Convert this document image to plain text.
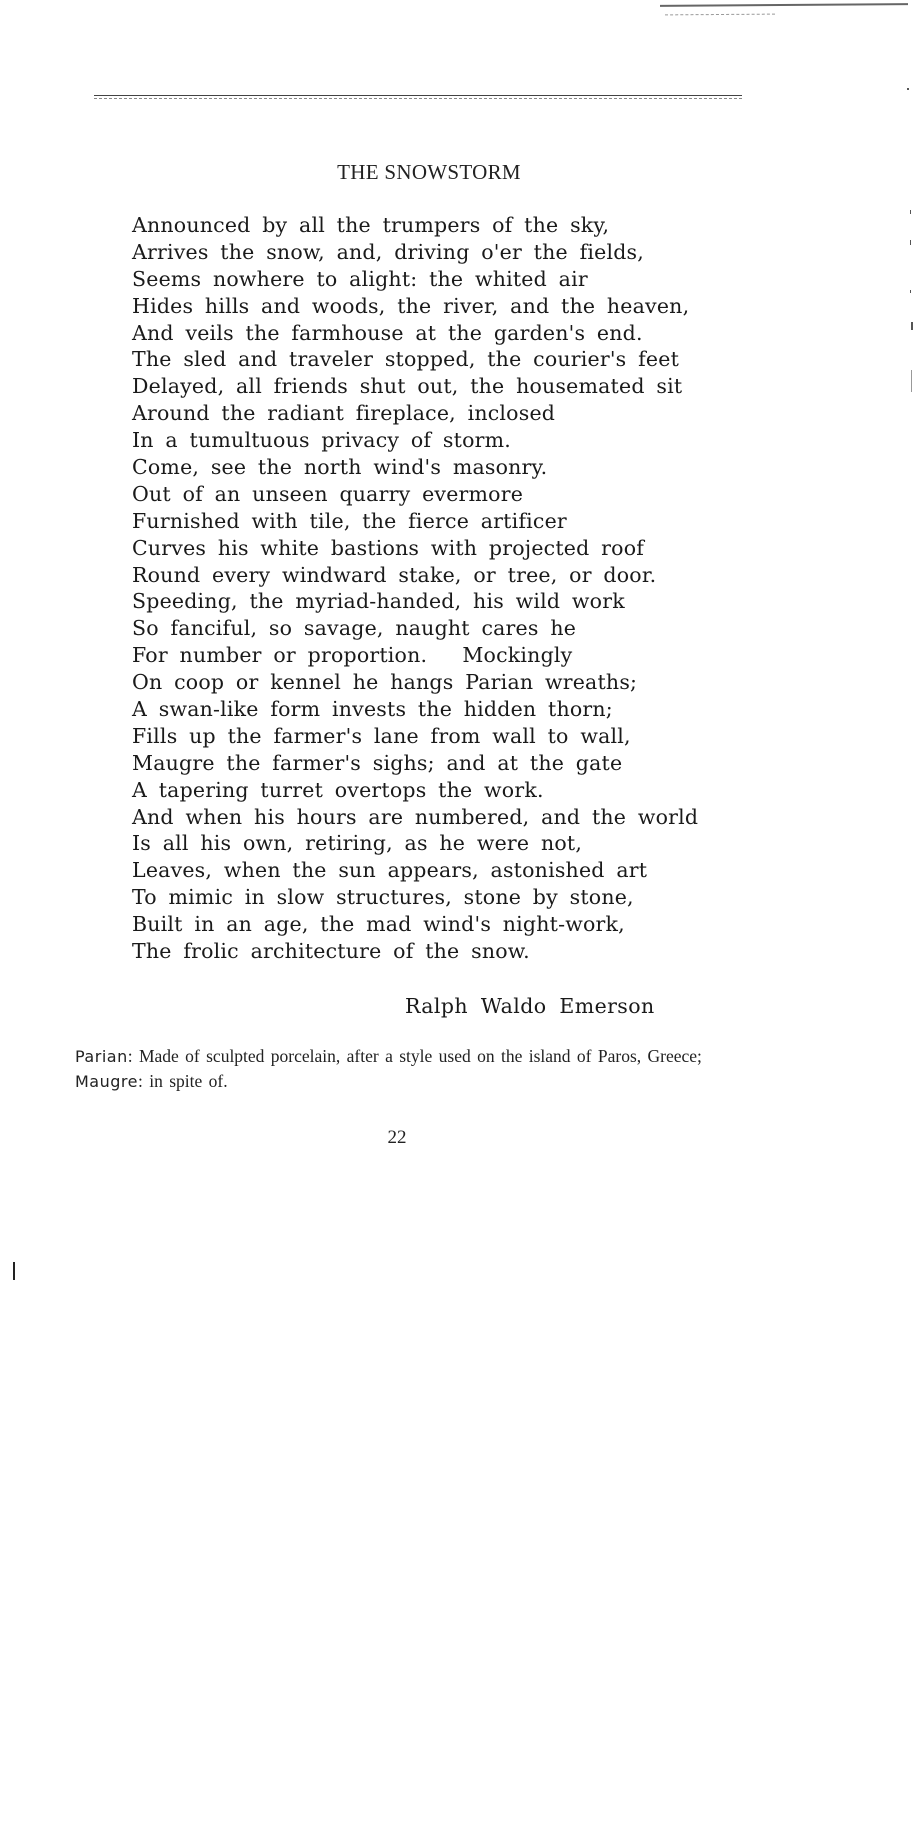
THE SNOWSTORM
Announced by all the trumpers of the sky,
Arrives the snow, and, driving o'er the fields,
Seems nowhere to alight: the whited air
Hides hills and woods, the river, and the heaven,
And veils the farmhouse at the garden's end.
The sled and traveler stopped, the courier's feet
Delayed, all friends shut out, the housemated sit
Around the radiant fireplace, inclosed
In a tumultuous privacy of storm.
Come, see the north wind's masonry.
Out of an unseen quarry evermore
Furnished with tile, the fierce artificer
Curves his white bastions with projected roof
Round every windward stake, or tree, or door.
Speeding, the myriad-handed, his wild work
So fanciful, so savage, naught cares he
For number or proportion.   Mockingly
On coop or kennel he hangs Parian wreaths;
A swan-like form invests the hidden thorn;
Fills up the farmer's lane from wall to wall,
Maugre the farmer's sighs; and at the gate
A tapering turret overtops the work.
And when his hours are numbered, and the world
Is all his own, retiring, as he were not,
Leaves, when the sun appears, astonished art
To mimic in slow structures, stone by stone,
Built in an age, the mad wind's night-work,
The frolic architecture of the snow.
Ralph Waldo Emerson
Parian: Made of sculpted porcelain, after a style used on the island of Paros, Greece;  Maugre: in spite of.
22
